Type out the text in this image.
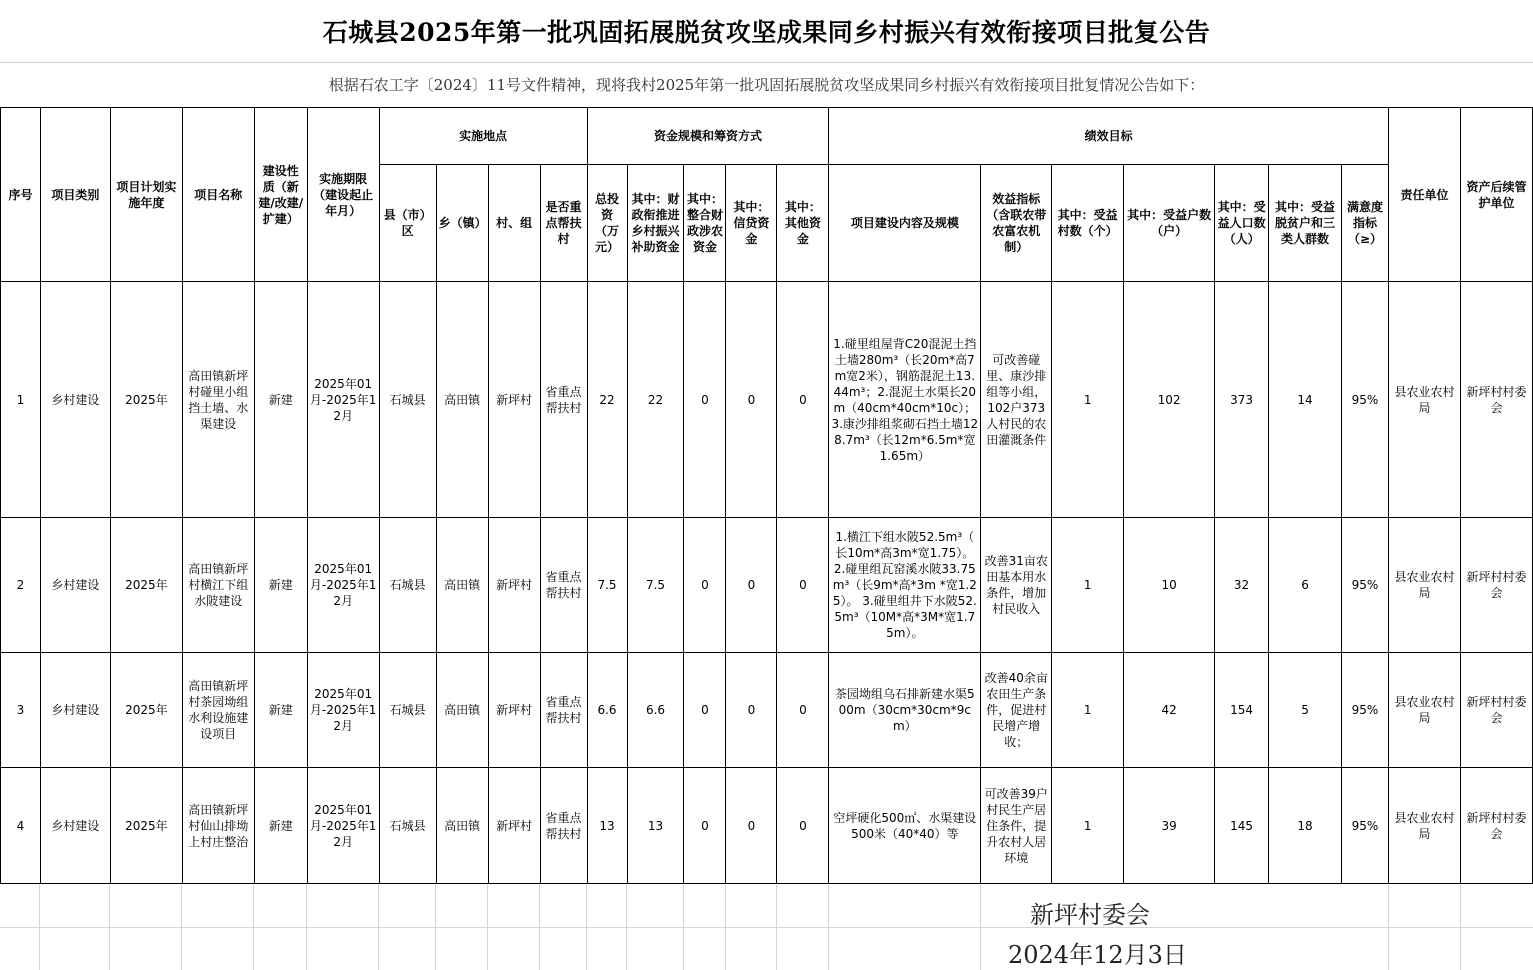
石城县2025年第一批巩固拓展脱贫攻坚成果同乡村振兴有效衔接项目批复公告
根据石农工字〔2024〕11号文件精神，现将我村2025年第一批巩固拓展脱贫攻坚成果同乡村振兴有效衔接项目批复情况公告如下：
序号	项目类别	项目计划实施年度	项目名称	建设性质（新建/改建/扩建）	实施期限（建设起止年月）	实施地点				资金规模和筹资方式					绩效目标							责任单位	资产后续管护单位
						县（市）区	乡（镇）	村、组	是否重点帮扶村	总投资（万元）	其中：财政衔推进乡村振兴补助资金	其中：整合财政涉农资金	其中：信贷资金	其中：其他资金	项目建设内容及规模	效益指标（含联农带农富农机制）	其中：受益村数（个）	其中：受益户数（户）	其中：受益人口数（人）	其中：受益脱贫户和三类人群数	满意度指标（≥）		
1	乡村建设	2025年	高田镇新坪村碰里小组挡土墙、水渠建设	新建	2025年01月-2025年12月	石城县	高田镇	新坪村	省重点帮扶村	22	22	0	0	0	1.碰里组屋背C20混泥土挡土墙280m³（长20m*高7m宽2米），钢筋混泥土13.44m³；2.混泥土水渠长20m（40cm*40cm*10c）；3.康沙排组浆砌石挡土墙128.7m³（长12m*6.5m*宽1.65m）	可改善碰里、康沙排组等小组，102户373人村民的农田灌溉条件	1	102	373	14	95%	县农业农村局	新坪村村委会
2	乡村建设	2025年	高田镇新坪村横江下组水陂建设	新建	2025年01月-2025年12月	石城县	高田镇	新坪村	省重点帮扶村	7.5	7.5	0	0	0	1.横江下组水陂52.5m³（ 长10m*高3m*宽1.75）。2.碰里组瓦窑溪水陂33.75m³（长9m*高*3m *宽1.25）。 3.碰里组井下水陂52.5m³（10M*高*3M*宽1.75m）。	改善31亩农田基本用水条件，增加村民收入	1	10	32	6	95%	县农业农村局	新坪村村委会
3	乡村建设	2025年	高田镇新坪村茶园坳组水利设施建设项目	新建	2025年01月-2025年12月	石城县	高田镇	新坪村	省重点帮扶村	6.6	6.6	0	0	0	茶园坳组乌石排新建水渠500m（30cm*30cm*9cm）	改善40余亩农田生产条件，促进村民增产增收；	1	42	154	5	95%	县农业农村局	新坪村村委会
4	乡村建设	2025年	高田镇新坪村仙山排坳上村庄整治	新建	2025年01月-2025年12月	石城县	高田镇	新坪村	省重点帮扶村	13	13	0	0	0	空坪硬化500㎡、水渠建设500米（40*40）等	可改善39户村民生产居住条件，提升农村人居环境	1	39	145	18	95%	县农业农村局	新坪村村委会
新坪村委会
2024年12月3日
